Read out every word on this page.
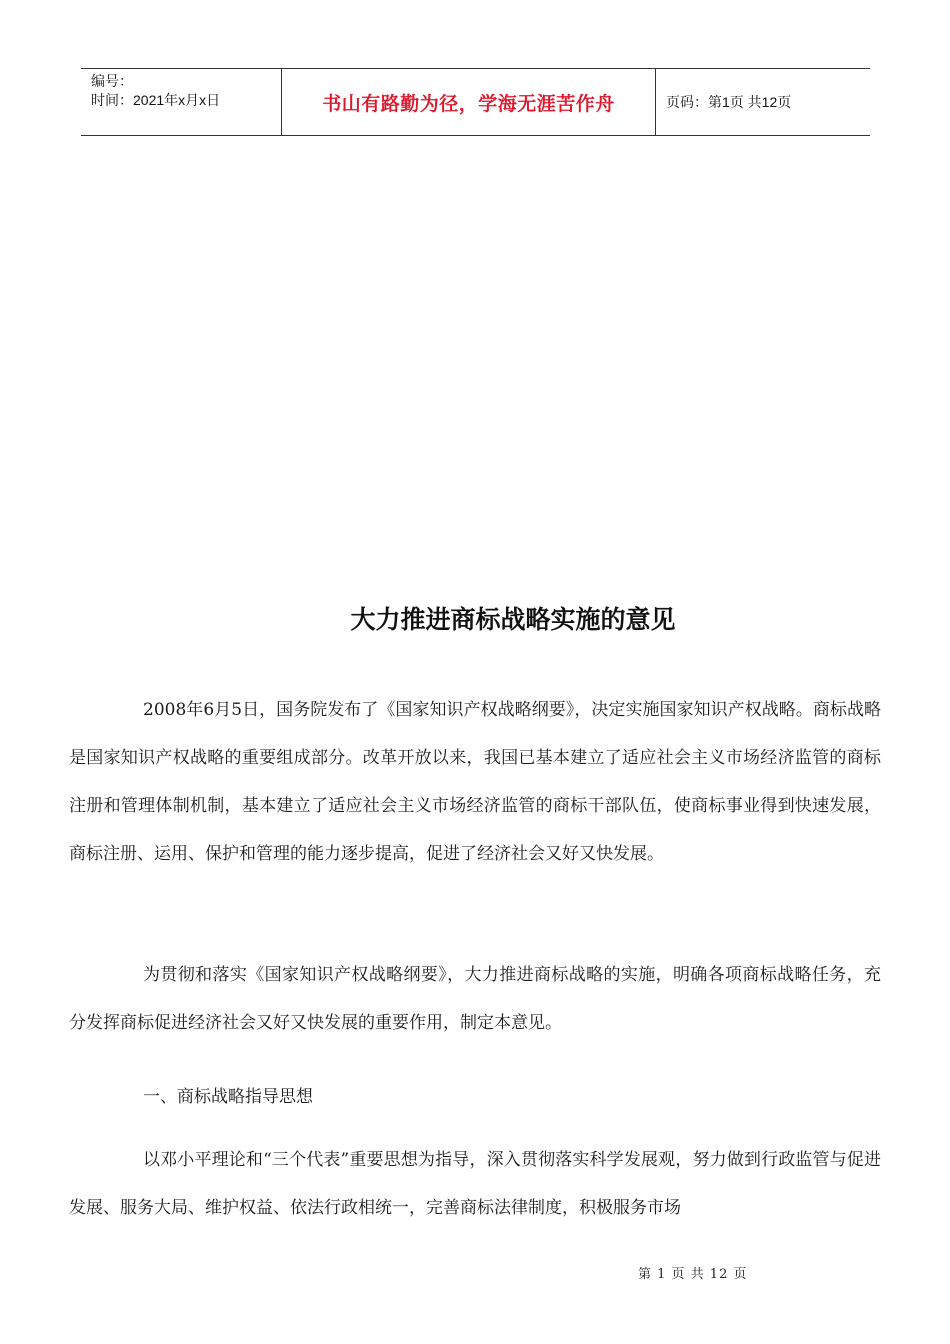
编号：
时间：2021年x月x日	书山有路勤为径，学海无涯苦作舟	页码：第1页 共12页
大力推进商标战略实施的意见

2008年6月5日，国务院发布了《国家知识产权战略纲要》，决定实施国家知识产权战略。商标战略是国家知识产权战略的重要组成部分。改革开放以来，我国已基本建立了适应社会主义市场经济监管的商标注册和管理体制机制，基本建立了适应社会主义市场经济监管的商标干部队伍，使商标事业得到快速发展，商标注册、运用、保护和管理的能力逐步提高，促进了经济社会又好又快发展。

为贯彻和落实《国家知识产权战略纲要》，大力推进商标战略的实施，明确各项商标战略任务，充分发挥商标促进经济社会又好又快发展的重要作用，制定本意见。

一、商标战略指导思想

以邓小平理论和“三个代表”重要思想为指导，深入贯彻落实科学发展观，努力做到行政监管与促进发展、服务大局、维护权益、依法行政相统一，完善商标法律制度，积极服务市场

第 1 页 共 12 页
